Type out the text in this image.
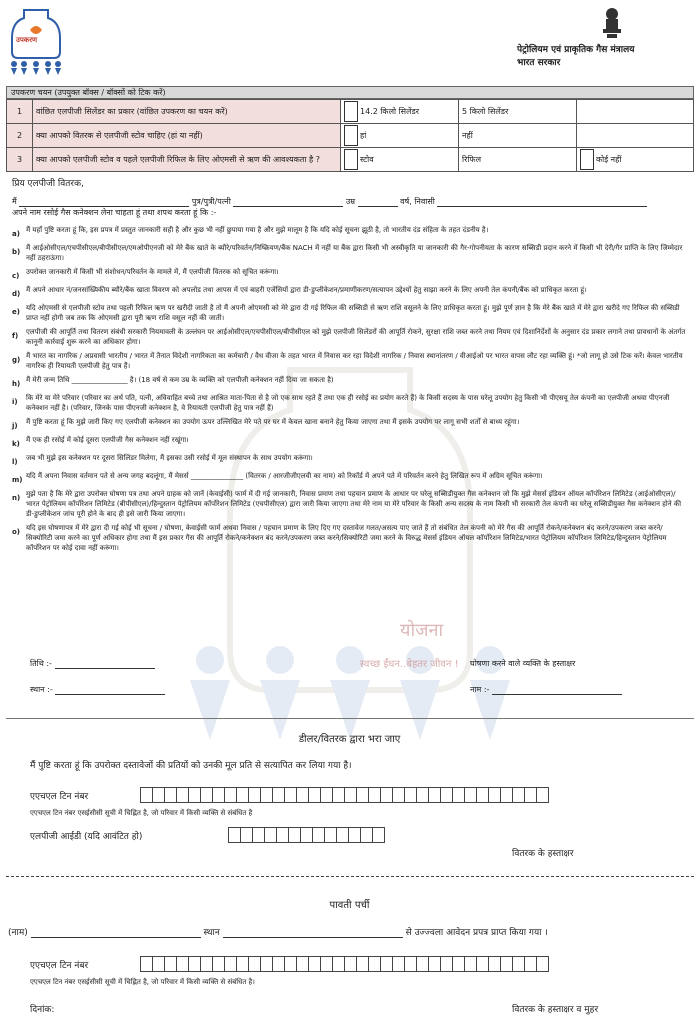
योजना
स्वच्छ ईंधन..बेहतर जीवन !
उपकरण
पेट्रोलियम एवं प्राकृतिक गैस मंत्रालय
भारत सरकार
उपकरण चयन (उपयुक्त बॉक्स / बॉक्सों को टिक करें)
1	वांछित एलपीजी सिलेंडर का प्रकार (वांछित उपकरण का चयन करें)	14.2 किलो सिलेंडर	5 किलो सिलेंडर	
2	क्या आपको वितरक से एलपीजी स्टोव चाहिए (हां या नहीं)	हां	नहीं	
3	क्या आपको एलपीजी स्टोव व पहले एलपीजी रिफिल के लिए ओएमसी से ऋण की आवश्यकता है ?	स्टोव	रिफिल	कोई नहीं
प्रिय एलपीजी वितरक,
मैं	पुत्र/पुत्री/पत्नी	उम्र	वर्ष, निवासी
अपने नाम रसोई गैस कनेक्शन लेना चाहता हूं तथा शपथ करता हूं कि :-
a) मैं यहाँ पुष्टि करता हूं कि, इस प्रपत्र में प्रस्तुत जानकारी सही है और कुछ भी नहीं छुपाया गया है और मुझे मालूम है कि यदि कोई सूचना झूठी है, तो भारतीय दंड संहिता के तहत दंडनीय है।
b) मैं आईओसीएल/एचपीसीएल/बीपीसीएल/एमओपीएनजी को मेरे बैंक खाते के ब्यौरे/परिवर्तन/निष्क्रियण/बैंक NACH में नहीं या बैंक द्वारा किसी भी अस्वीकृति या जानकारी की गैर-गोपनीयता के कारण सब्सिडी प्रदान करने में किसी भी देरी/गैर प्राप्ति के लिए जिम्मेदार नहीं ठहराऊंगा।
c) उपरोक्त जानकारी में किसी भी संशोधन/परिवर्तन के मामले में, मैं एलपीजी वितरक को सूचित करूंगा।
d) मैं अपने आधार नं/जनसांख्यिकीय ब्यौरे/बैंक खाता विवरण को अपलोड तथा आपस में एवं बाहरी एजेंसियों द्वारा डी-डुप्लीकेशन/प्रमाणीकरण/सत्यापन उद्देश्यों हेतु साझा करने के लिए अपनी तेल कंपनी/बैंक को प्राधिकृत करता हूं।
e) यदि ओएमसी से एलपीजी स्टोव तथा पहली रिफिल ऋण पर खरीदी जाती है तो मैं अपनी ओएमसी को मेरे द्वारा दी गई रिफिल की सब्सिडी से ऋण राशि वसूलने के लिए प्राधिकृत करता हूं। मुझे पूर्ण ज्ञान है कि मेरे बैंक खाते में मेरे द्वारा खरीदे गए रिफिल की सब्सिडी प्राप्त नहीं होगी जब तक कि ओएमसी द्वारा पूरी ऋण राशि वसूल नहीं की जाती।
f)	एलपीजी की आपूर्ति तथा वितरण संबंधी सरकारी नियमावली के उल्लंघन पर आईओसीएल/एचपीसीएल/बीपीसीएल को मुझे एलपीजी सिलेंडरों की आपूर्ति रोकने, सुरक्षा राशि जब्त करने तथा नियम एवं दिशानिर्देशों के अनुसार दंड प्रकार लगाने तथा प्रावधानों के अंतर्गत कानूनी कार्रवाई शुरू करने का अधिकार होगा।
g) मैं भारत का नागरिक / अप्रवासी भारतीय / भारत में तैनात विदेशी नागरिकता का कर्मचारी / वैध वीजा के तहत भारत में निवास कर रहा विदेशी नागरिक / निवास स्थानांतरण / वीआईओ पर भारत वापस लौट रहा व्यक्ति हूं। *जो लागू हो उसे टिक करें। केवल भारतीय नागरिक ही रियायती एलपीजी हेतु पात्र हैं।
h) मैं मेरी जन्म तिथि ________________ है। (18 वर्ष से कम उम्र के व्यक्ति को एलपीजी कनेक्शन नहीं दिया जा सकता है)
i)	कि मेरे या मेरे परिवार (परिवार का अर्थ पति, पत्नी, अविवाहित बच्चे तथा आश्रित माता-पिता से है जो एक साथ रहते हैं तथा एक ही रसोई का प्रयोग करते हैं) के किसी सदस्य के पास घरेलू उपयोग हेतु किसी भी पीएसयू तेल कंपनी का एलपीजी अथवा पीएनजी कनेक्शन नहीं है। (परिवार, जिनके पास पीएनजी कनेक्शन है, वे रियायती एलपीजी हेतु पात्र नहीं हैं)
j)	मैं पुष्टि करता हूं कि मुझे जारी किए गए एलपीजी कनेक्शन का उपयोग ऊपर उल्लिखित मेरे पते पर घर में केवल खाना बनाने हेतु किया जाएगा तथा मैं इसके उपयोग पर लागू सभी शर्तों से बाध्य रहूंगा।
k) मैं एक ही रसोई में कोई दूसरा एलपीजी गैस कनेक्शन नहीं रखूंगा।
l)	जब भी मुझे इस कनेक्शन पर दूसरा सिलिंडर मिलेगा, मैं इसका उसी रसोई में मूल संस्थापन के साथ उपयोग करूंगा।
m) यदि मैं अपना निवास वर्तमान पते से अन्य जगह बदलूंगा, मैं मेसर्स _______________ (वितरक / आरजीजीएलवी का नाम) को रिकॉर्ड में अपने पते में परिवर्तन करने हेतु लिखित रूप में अग्रिम सूचित करूंगा।
n) मुझे पता है कि मेरे द्वारा उपरोक्त घोषणा पत्र तथा अपने ग्राहक को जानें (केवाईसी) फार्म में दी गई जानकारी, निवास प्रमाण तथा पहचान प्रमाण के आधार पर घरेलू सब्सिडीयुक्त गैस कनेक्शन जो कि मुझे मेसर्स इंडियन ऑयल कॉर्पोरेशन लिमिटेड (आईओसीएल)/भारत पेट्रोलियम कॉर्पोरेशन लिमिटेड (बीपीसीएल)/हिन्दुस्तान पेट्रोलियम कॉर्पोरेशन लिमिटेड (एचपीसीएल) द्वारा जारी किया जाएगा तथा मेरे नाम या मेरे परिवार के किसी अन्य सदस्य के नाम किसी भी सरकारी तेल कंपनी का घरेलू सब्सिडीयुक्त गैस कनेक्शन होने की डी-डुप्लीकेशन जांच पूरी होने के बाद ही इसे जारी किया जाएगा।
o) यदि इस घोषणापत्र में मेरे द्वारा दी गई कोई भी सूचना / घोषणा, केवाईसी फार्म अथवा निवास / पहचान प्रमाण के लिए दिए गए दस्तावेज गलत/असत्य पाए जाते हैं तो संबंधित तेल कंपनी को मेरे गैस की आपूर्ति रोकने/कनेक्शन बंद करने/उपकरण जब्त करने/सिक्योरिटी जमा करने का पूर्ण अधिकार होगा तथा मैं इस प्रकार गैस की आपूर्ति रोकने/कनेक्शन बंद करने/उपकरण जब्त करने/सिक्योरिटी जमा करने के विरुद्ध मेसर्स इंडियन ऑयल कॉर्पोरेशन लिमिटेड/भारत पेट्रोलियम कॉर्पोरेशन लिमिटेड/हिन्दुस्तान पेट्रोलियम कॉर्पोरेशन पर कोई दावा नहीं करूंगा।
तिथि :-	घोषणा करने वाले व्यक्ति के हस्ताक्षर
स्थान :-	नाम :-
डीलर/वितरक द्वारा भरा जाए
मैं पुष्टि करता हूं कि उपरोक्त दस्तावेजों की प्रतियों को उनकी मूल प्रति से सत्यापित कर लिया गया है।
एएचएल टिन नंबर
एएचएल टिन नंबर एसईसीसी सूची में चिह्नित है, जो परिवार में किसी व्यक्ति से संबंधित है
एलपीजी आईडी (यदि आवंटित हो)
वितरक के हस्ताक्षर
पावती पर्ची
(नाम)	स्थान	से उज्ज्वला आवेदन प्रपत्र प्राप्त किया गया ।
एएचएल टिन नंबर
एएचएल टिन नंबर एसईसीसी सूची में चिह्नित है, जो परिवार में किसी व्यक्ति से संबंधित है।
दिनांक:	वितरक के हस्ताक्षर व मुहर
